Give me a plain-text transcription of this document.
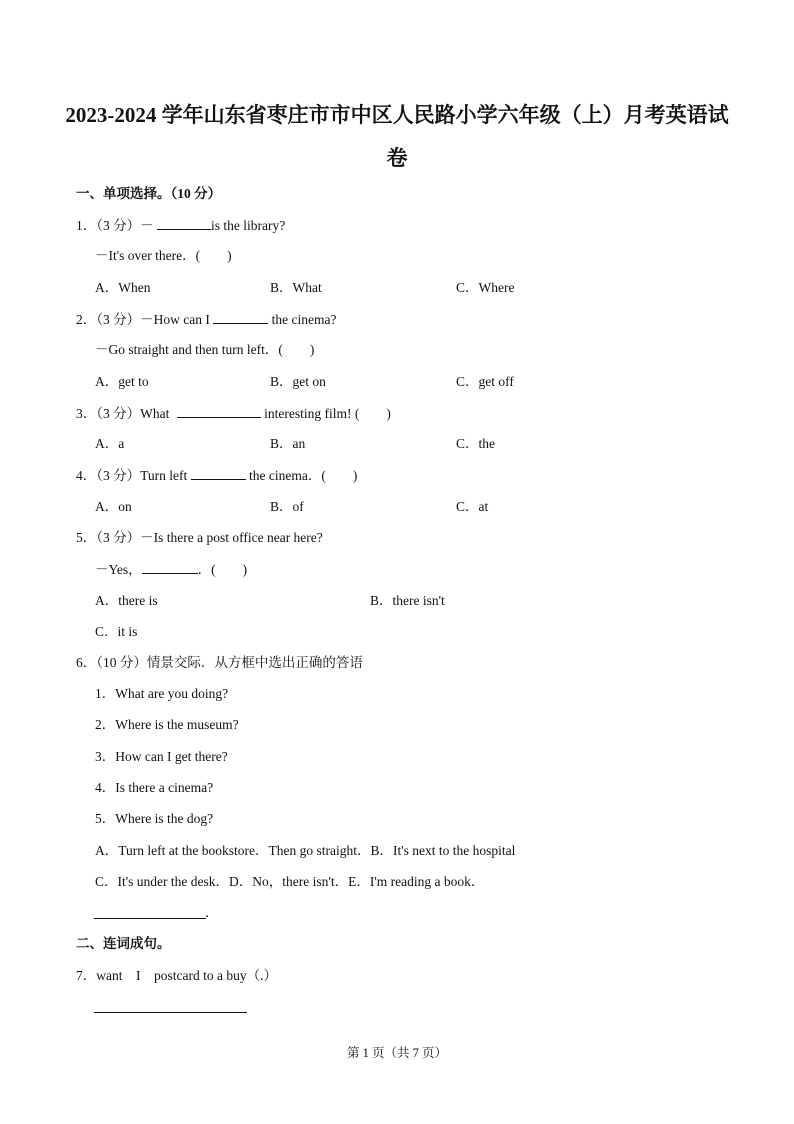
2023-2024 学年山东省枣庄市市中区人民路小学六年级（上）月考英语试
卷
一、单项选择。（10 分）
1．（3 分）－	is the library?
－It's over there．(　　)
A．When	B．What	C．Where
2．（3 分）－How can I	the cinema?
－Go straight and then turn left．(　　)
A．get to	B．get on	C．get off
3．（3 分）What	interesting film! (　　)
A．a	B．an	C．the
4．（3 分）Turn left	the cinema．(　　)
A．on	B．of	C．at
5．（3 分）－Is there a post office near here?
－Yes，	．(　　)
A．there is	B．there isn't
C．it is
6．（10 分）情景交际．从方框中选出正确的答语
1．What are you doing?
2．Where is the museum?
3．How can I get there?
4．Is there a cinema?
5．Where is the dog?
A．Turn left at the bookstore．Then go straight．B．It's next to the hospital
C．It's under the desk．D．No，there isn't．E．I'm reading a book．
．
二、连词成句。
7．want　I　postcard to a buy（.）
第 1 页（共 7 页）
